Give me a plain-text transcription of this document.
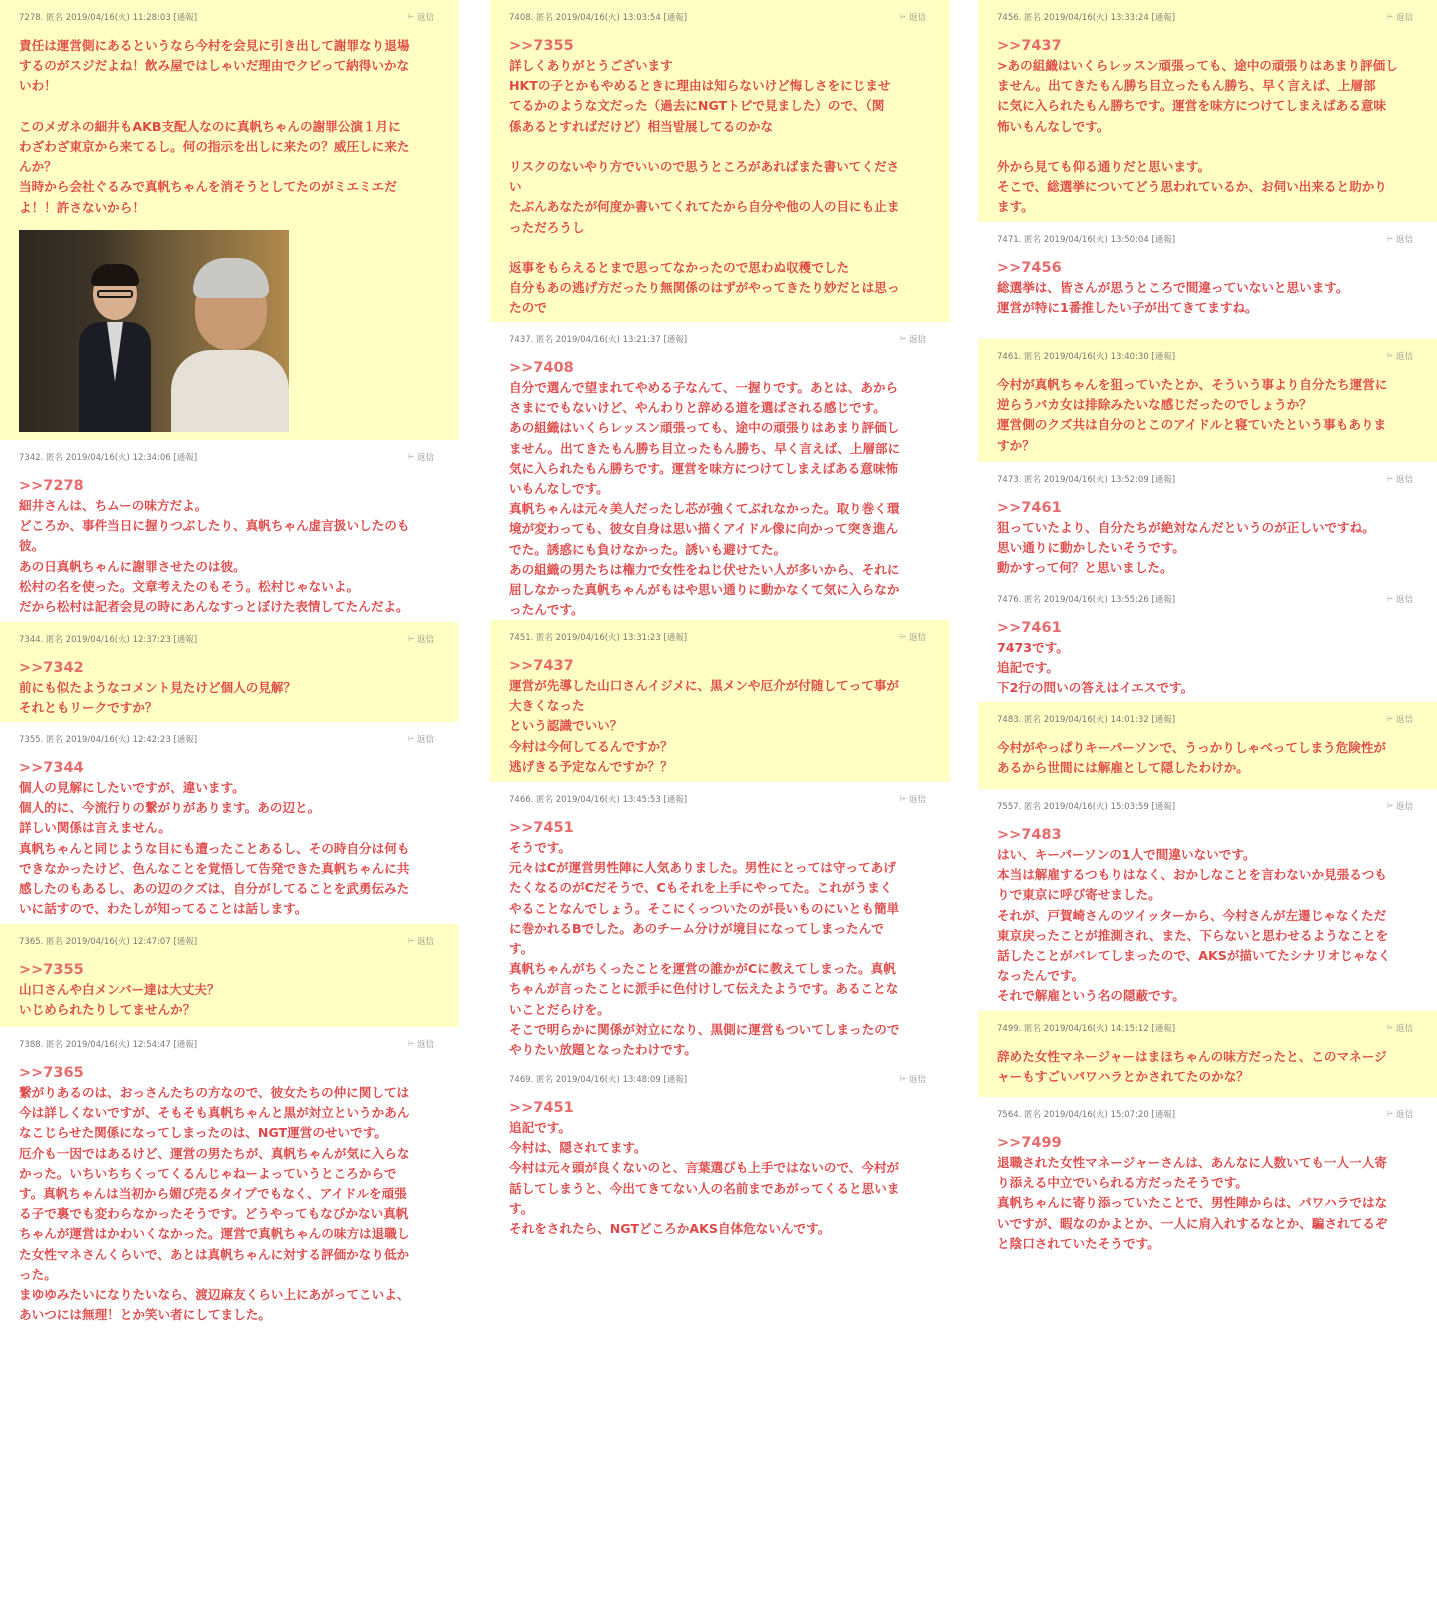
7278. 匿名 2019/04/16(火) 11:28:03 [通報]	⌲ 返信
責任は運営側にあるというなら今村を会見に引き出して謝罪なり退場
するのがスジだよね！飲み屋ではしゃいだ理由でクビって納得いかな
いわ！
このメガネの細井もAKB支配人なのに真帆ちゃんの謝罪公演１月に
わざわざ東京から来てるし。何の指示を出しに来たの？威圧しに来た
んか？
当時から会社ぐるみで真帆ちゃんを消そうとしてたのがミエミエだ
よ！！許さないから！
7342. 匿名 2019/04/16(火) 12:34:06 [通報]	⌲ 返信
>>7278
細井さんは、ちムーの味方だよ。
どころか、事件当日に握りつぶしたり、真帆ちゃん虚言扱いしたのも
彼。
あの日真帆ちゃんに謝罪させたのは彼。
松村の名を使った。文章考えたのもそう。松村じゃないよ。
だから松村は記者会見の時にあんなすっとぼけた表情してたんだよ。
7344. 匿名 2019/04/16(火) 12:37:23 [通報]	⌲ 返信
>>7342
前にも似たようなコメント見たけど個人の見解？
それともリークですか？
7355. 匿名 2019/04/16(火) 12:42:23 [通報]	⌲ 返信
>>7344
個人の見解にしたいですが、違います。
個人的に、今流行りの繋がりがあります。あの辺と。
詳しい関係は言えません。
真帆ちゃんと同じような目にも遭ったことあるし、その時自分は何も
できなかったけど、色んなことを覚悟して告発できた真帆ちゃんに共
感したのもあるし、あの辺のクズは、自分がしてることを武勇伝みた
いに話すので、わたしが知ってることは話します。
7365. 匿名 2019/04/16(火) 12:47:07 [通報]	⌲ 返信
>>7355
山口さんや白メンバー達は大丈夫？
いじめられたりしてませんか？
7388. 匿名 2019/04/16(火) 12:54:47 [通報]	⌲ 返信
>>7365
繋がりあるのは、おっさんたちの方なので、彼女たちの仲に関しては
今は詳しくないですが、そもそも真帆ちゃんと黒が対立というかあん
なこじらせた関係になってしまったのは、NGT運営のせいです。
厄介も一因ではあるけど、運営の男たちが、真帆ちゃんが気に入らな
かった。いちいちちくってくるんじゃねーよっていうところからで
す。真帆ちゃんは当初から媚び売るタイプでもなく、アイドルを頑張
る子で裏でも変わらなかったそうです。どうやってもなびかない真帆
ちゃんが運営はかわいくなかった。運営で真帆ちゃんの味方は退職し
た女性マネさんくらいで、あとは真帆ちゃんに対する評価かなり低か
った。
まゆゆみたいになりたいなら、渡辺麻友くらい上にあがってこいよ、
あいつには無理！とか笑い者にしてました。
7408. 匿名 2019/04/16(火) 13:03:54 [通報]	⌲ 返信
>>7355
詳しくありがとうございます
HKTの子とかもやめるときに理由は知らないけど悔しさをにじませ
てるかのような文だった（過去にNGTトピで見ました）ので、（関
係あるとすればだけど）相当발展してるのかな
リスクのないやり方でいいので思うところがあればまた書いてくださ
い
たぶんあなたが何度か書いてくれてたから自分や他の人の目にも止ま
っただろうし
返事をもらえるとまで思ってなかったので思わぬ収穫でした
自分もあの逃げ方だったり無関係のはずがやってきたり妙だとは思っ
たので
7437. 匿名 2019/04/16(火) 13:21:37 [通報]	⌲ 返信
>>7408
自分で選んで望まれてやめる子なんて、一握りです。あとは、あから
さまにでもないけど、やんわりと辞める道を選ばされる感じです。
あの組織はいくらレッスン頑張っても、途中の頑張りはあまり評価し
ません。出てきたもん勝ち目立ったもん勝ち、早く言えば、上層部に
気に入られたもん勝ちです。運営を味方につけてしまえばある意味怖
いもんなしです。
真帆ちゃんは元々美人だったし芯が強くてぶれなかった。取り巻く環
境が変わっても、彼女自身は思い描くアイドル像に向かって突き進ん
でた。誘惑にも負けなかった。誘いも避けてた。
あの組織の男たちは権力で女性をねじ伏せたい人が多いから、それに
屈しなかった真帆ちゃんがもはや思い通りに動かなくて気に入らなか
ったんです。
7451. 匿名 2019/04/16(火) 13:31:23 [通報]	⌲ 返信
>>7437
運営が先導した山口さんイジメに、黒メンや厄介が付随してって事が
大きくなった
という認識でいい？
今村は今何してるんですか？
逃げきる予定なんですか？？
7466. 匿名 2019/04/16(火) 13:45:53 [通報]	⌲ 返信
>>7451
そうです。
元々はCが運営男性陣に人気ありました。男性にとっては守ってあげ
たくなるのがCだそうで、Cもそれを上手にやってた。これがうまく
やることなんでしょう。そこにくっついたのが長いものにいとも簡単
に巻かれるBでした。あのチーム分けが境目になってしまったんで
す。
真帆ちゃんがちくったことを運営の誰かがCに教えてしまった。真帆
ちゃんが言ったことに派手に色付けして伝えたようです。あることな
いことだらけを。
そこで明らかに関係が対立になり、黒側に運営もついてしまったので
やりたい放題となったわけです。
7469. 匿名 2019/04/16(火) 13:48:09 [通報]	⌲ 返信
>>7451
追記です。
今村は、隠されてます。
今村は元々頭が良くないのと、言葉選びも上手ではないので、今村が
話してしまうと、今出てきてない人の名前まであがってくると思いま
す。
それをされたら、NGTどころかAKS自体危ないんです。
7456. 匿名 2019/04/16(火) 13:33:24 [通報]	⌲ 返信
>>7437
>あの組織はいくらレッスン頑張っても、途中の頑張りはあまり評価し
ません。出てきたもん勝ち目立ったもん勝ち、早く言えば、上層部
に気に入られたもん勝ちです。運営を味方につけてしまえばある意味
怖いもんなしです。
外から見ても仰る通りだと思います。
そこで、総選挙についてどう思われているか、お伺い出来ると助かり
ます。
7471. 匿名 2019/04/16(火) 13:50:04 [通報]	⌲ 返信
>>7456
総選挙は、皆さんが思うところで間違っていないと思います。
運営が特に1番推したい子が出てきてますね。
7461. 匿名 2019/04/16(火) 13:40:30 [通報]	⌲ 返信
今村が真帆ちゃんを狙っていたとか、そういう事より自分たち運営に
逆らうバカ女は排除みたいな感じだったのでしょうか？
運営側のクズ共は自分のとこのアイドルと寝ていたという事もありま
すか？
7473. 匿名 2019/04/16(火) 13:52:09 [通報]	⌲ 返信
>>7461
狙っていたより、自分たちが絶対なんだというのが正しいですね。
思い通りに動かしたいそうです。
動かすって何？と思いました。
7476. 匿名 2019/04/16(火) 13:55:26 [通報]	⌲ 返信
>>7461
7473です。
追記です。
下2行の問いの答えはイエスです。
7483. 匿名 2019/04/16(火) 14:01:32 [通報]	⌲ 返信
今村がやっぱりキーパーソンで、うっかりしゃべってしまう危険性が
あるから世間には解雇として隠したわけか。
7557. 匿名 2019/04/16(火) 15:03:59 [通報]	⌲ 返信
>>7483
はい、キーパーソンの1人で間違いないです。
本当は解雇するつもりはなく、おかしなことを言わないか見張るつも
りで東京に呼び寄せました。
それが、戸賀崎さんのツイッターから、今村さんが左遷じゃなくただ
東京戻ったことが推測され、また、下らないと思わせるようなことを
話したことがバレてしまったので、AKSが描いてたシナリオじゃなく
なったんです。
それで解雇という名の隠蔽です。
7499. 匿名 2019/04/16(火) 14:15:12 [通報]	⌲ 返信
辞めた女性マネージャーはまほちゃんの味方だったと、このマネージ
ャーもすごいパワハラとかされてたのかな？
7564. 匿名 2019/04/16(火) 15:07:20 [通報]	⌲ 返信
>>7499
退職された女性マネージャーさんは、あんなに人数いても一人一人寄
り添える中立でいられる方だったそうです。
真帆ちゃんに寄り添っていたことで、男性陣からは、パワハラではな
いですが、暇なのかよとか、一人に肩入れするなとか、騙されてるぞ
と陰口されていたそうです。
